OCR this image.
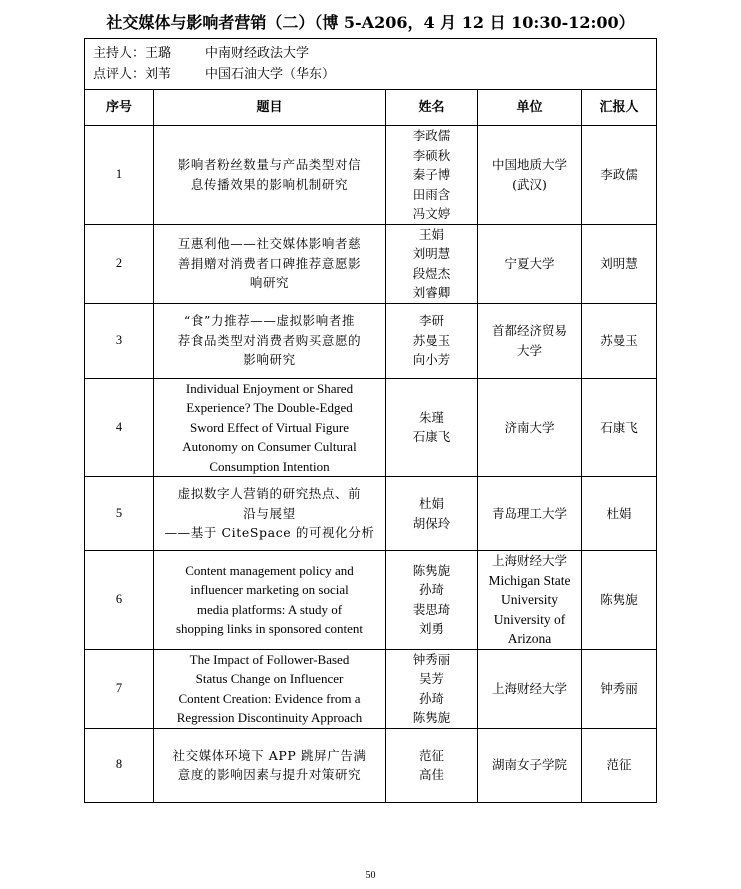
社交媒体与影响者营销（二）（博 5-A206，4 月 12 日 10:30-12:00）
主持人：王璐 中南财经政法大学
点评人：刘苇 中国石油大学（华东）				

序号	题目	姓名	单位	汇报人
1	影响者粉丝数量与产品类型对信
息传播效果的影响机制研究	李政儒
李硕秋
秦子博
田雨含
冯文婷	中国地质大学
(武汉)	李政儒
2	互惠利他——社交媒体影响者慈
善捐赠对消费者口碑推荐意愿影
响研究	王娟
刘明慧
段煜杰
刘睿卿	宁夏大学	刘明慧
3	“食”力推荐——虚拟影响者推
荐食品类型对消费者购买意愿的
影响研究	李研
苏曼玉
向小芳	首都经济贸易
大学	苏曼玉
4	Individual Enjoyment or Shared
Experience? The Double-Edged
Sword Effect of Virtual Figure
Autonomy on Consumer Cultural
Consumption Intention	朱瑾
石康飞	济南大学	石康飞
5	虚拟数字人营销的研究热点、前
沿与展望
——基于 CiteSpace 的可视化分析	杜娟
胡保玲	青岛理工大学	杜娟
6	Content management policy and
influencer marketing on social
media platforms: A study of
shopping links in sponsored content	陈隽旎
孙琦
裴思琦
刘勇	上海财经大学
Michigan State
University
University of
Arizona	陈隽旎
7	The Impact of Follower-Based
Status Change on Influencer
Content Creation: Evidence from a
Regression Discontinuity Approach	钟秀丽
吴芳
孙琦
陈隽旎	上海财经大学	钟秀丽
8	社交媒体环境下 APP 跳屏广告满
意度的影响因素与提升对策研究	范征
高佳	湖南女子学院	范征
50
